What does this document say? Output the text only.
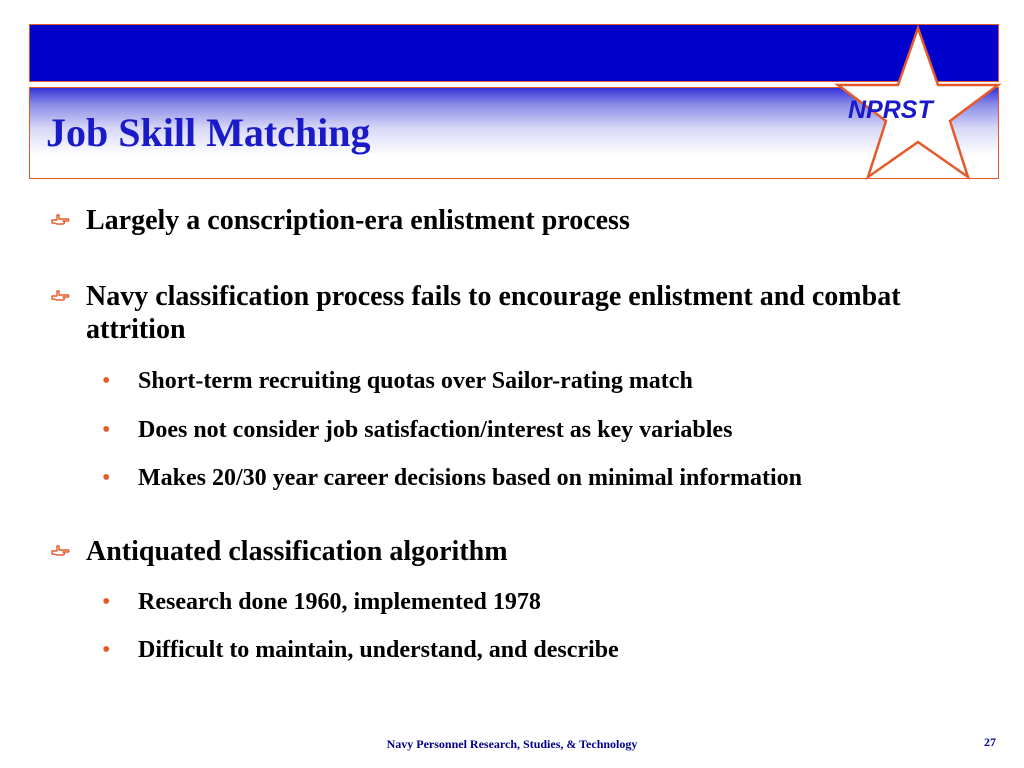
Job Skill Matching	NPRST
Largely a conscription-era enlistment process
Navy classification process fails to encourage enlistment and combat attrition
• Short-term recruiting quotas over Sailor-rating match
• Does not consider job satisfaction/interest as key variables
• Makes 20/30 year career decisions based on minimal information
Antiquated classification algorithm
• Research done 1960, implemented 1978
• Difficult to maintain, understand, and describe
Navy Personnel Research, Studies, & Technology	27
